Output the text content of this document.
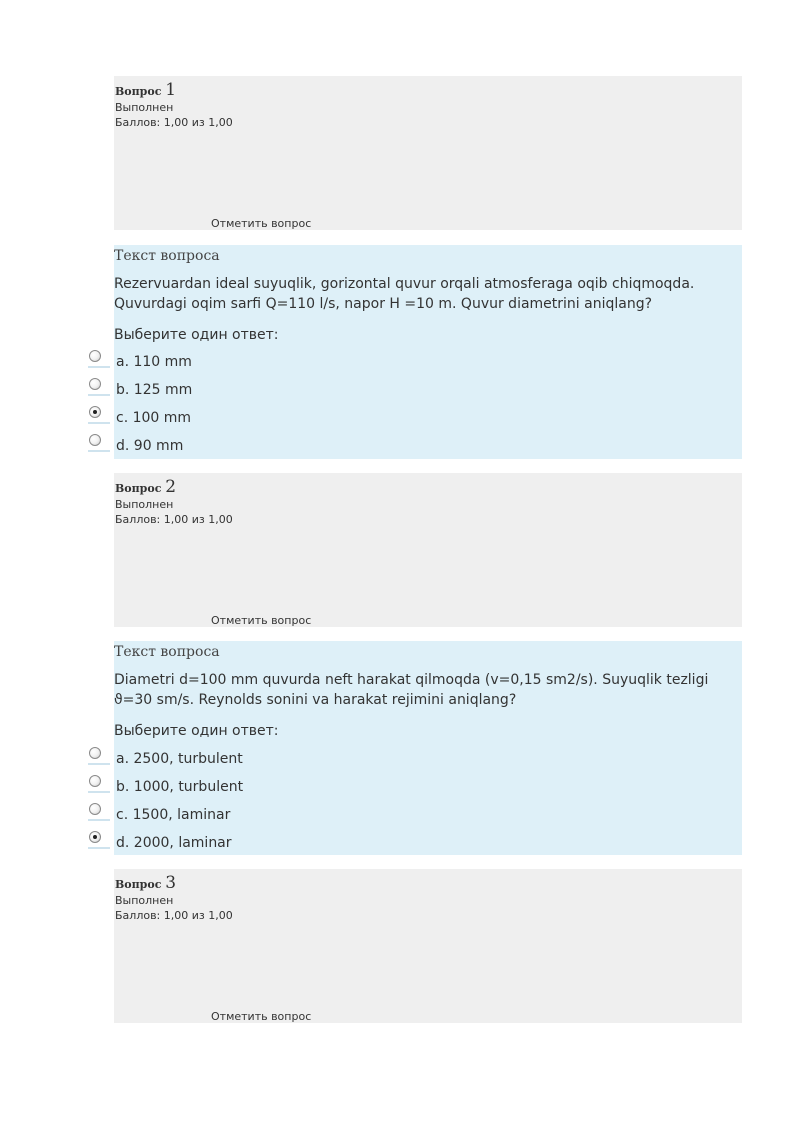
Вопрос 1
Выполнен
Баллов: 1,00 из 1,00
Отметить вопрос
Текст вопроса
Rezervuardan ideal suyuqlik, gorizontal quvur orqali atmosferaga oqib chiqmoqda. Quvurdagi oqim sarfi Q=110 l/s, napor H =10 m. Quvur diametrini aniqlang?
Выберите один ответ:
a. 110 mm
b. 125 mm
c. 100 mm
d. 90 mm
Вопрос 2
Выполнен
Баллов: 1,00 из 1,00
Отметить вопрос
Текст вопроса
Diametri d=100 mm quvurda neft harakat qilmoqda (v=0,15 sm2/s). Suyuqlik tezligi ϑ=30 sm/s. Reynolds sonini va harakat rejimini aniqlang?
Выберите один ответ:
a. 2500, turbulent
b. 1000, turbulent
c. 1500, laminar
d. 2000, laminar
Вопрос 3
Выполнен
Баллов: 1,00 из 1,00
Отметить вопрос
